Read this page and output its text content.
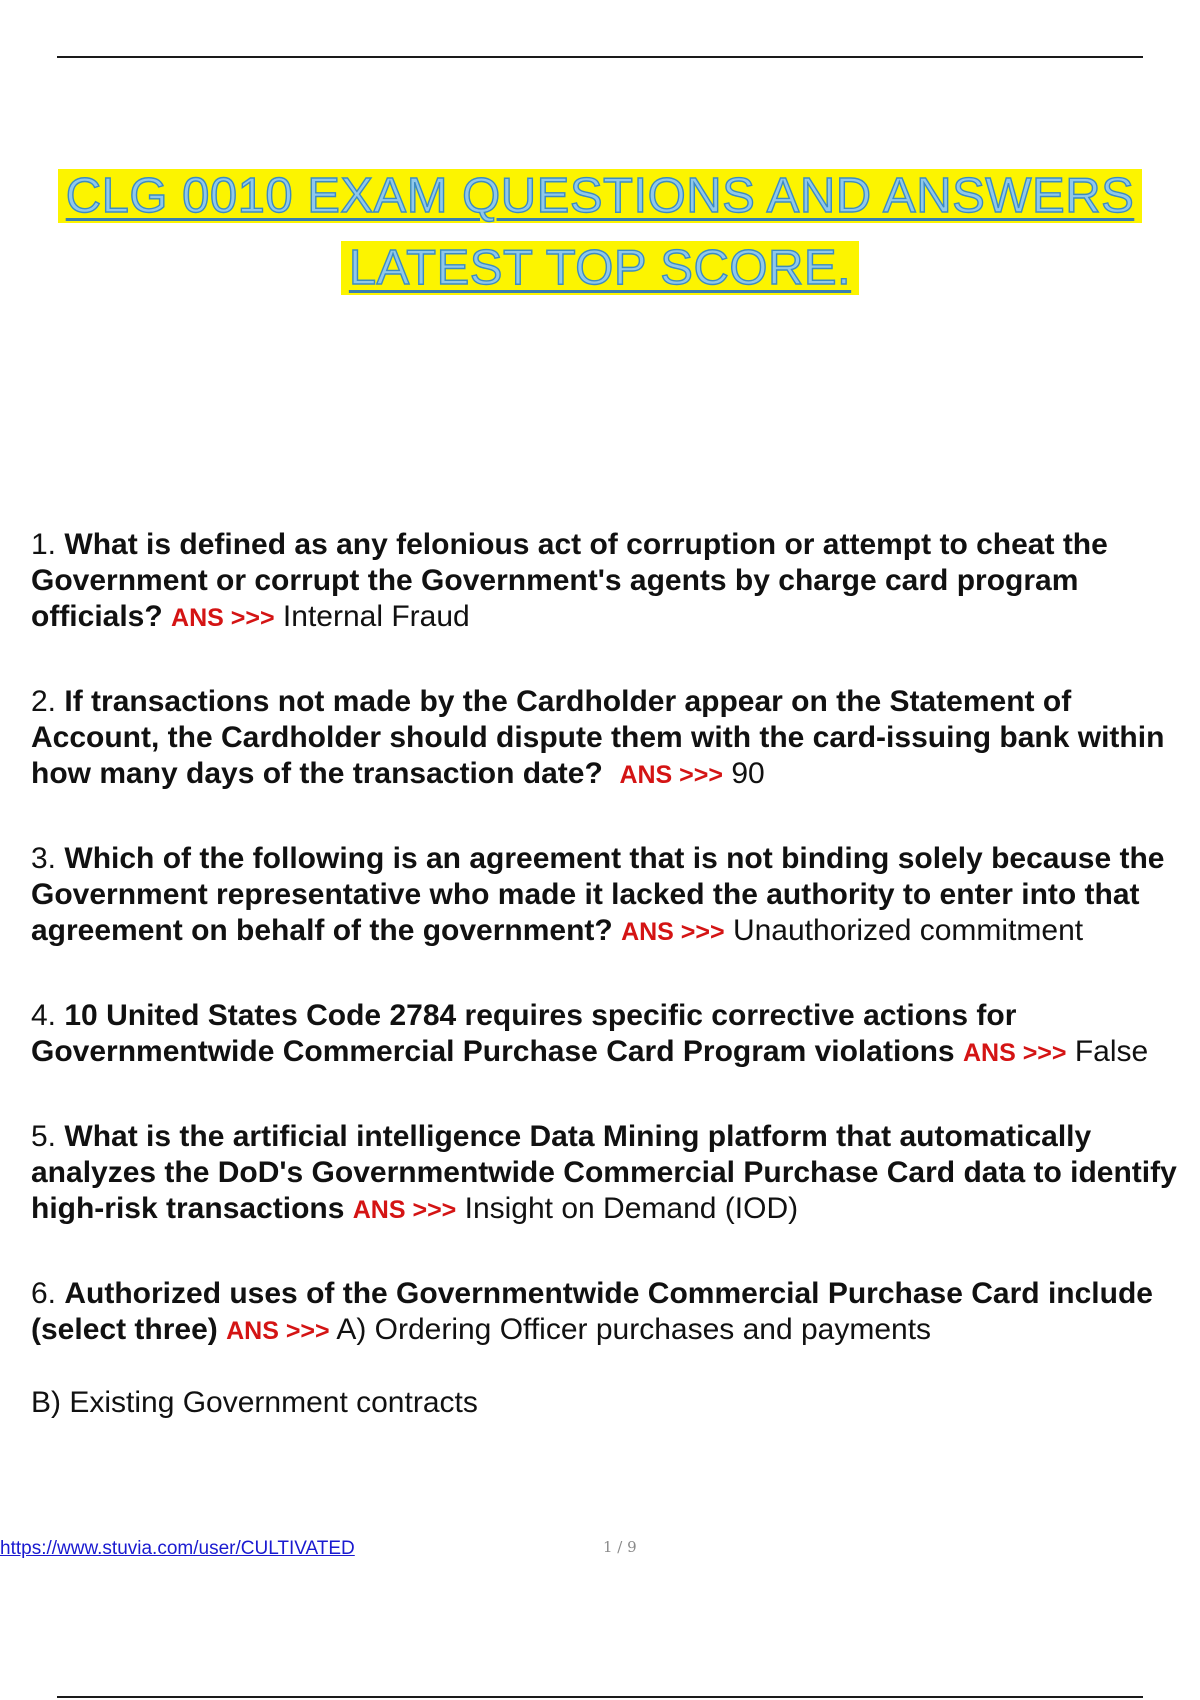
CLG 0010 EXAM QUESTIONS AND ANSWERS
LATEST TOP SCORE.

1. What is defined as any felonious act of corruption or attempt to cheat the Government or corrupt the Government's agents by charge card program officials? ANS >>> Internal Fraud

2. If transactions not made by the Cardholder appear on the Statement of Account, the Cardholder should dispute them with the card-issuing bank within how many days of the transaction date? ANS >>> 90

3. Which of the following is an agreement that is not binding solely because the Government representative who made it lacked the authority to enter into that agreement on behalf of the government? ANS >>> Unauthorized commitment

4. 10 United States Code 2784 requires specific corrective actions for Governmentwide Commercial Purchase Card Program violations ANS >>> False

5. What is the artificial intelligence Data Mining platform that automatically analyzes the DoD's Governmentwide Commercial Purchase Card data to identify high-risk transactions ANS >>> Insight on Demand (IOD)

6. Authorized uses of the Governmentwide Commercial Purchase Card include (select three) ANS >>> A) Ordering Officer purchases and payments

B) Existing Government contracts

https://www.stuvia.com/user/CULTIVATED	1 / 9
